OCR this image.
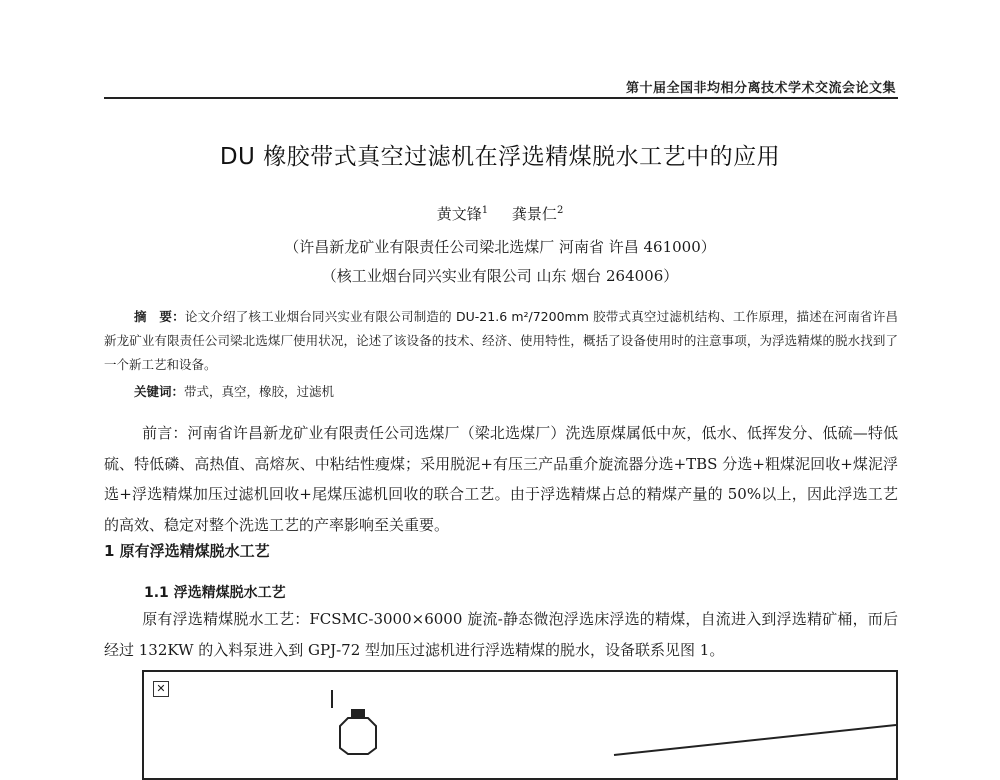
第十届全国非均相分离技术学术交流会论文集
DU 橡胶带式真空过滤机在浮选精煤脱水工艺中的应用
黄文锋$^1$ 龚景仁$^2$
（许昌新龙矿业有限责任公司梁北选煤厂 河南省 许昌 461000）
（核工业烟台同兴实业有限公司 山东 烟台 264006）
摘　要：论文介绍了核工业烟台同兴实业有限公司制造的 DU-21.6 m²/7200mm 胶带式真空过滤机结构、工作原理，描述在河南省许昌新龙矿业有限责任公司梁北选煤厂使用状况，论述了该设备的技术、经济、使用特性，概括了设备使用时的注意事项，为浮选精煤的脱水找到了一个新工艺和设备。
关键词：带式，真空，橡胶，过滤机
前言：河南省许昌新龙矿业有限责任公司选煤厂（梁北选煤厂）洗选原煤属低中灰，低水、低挥发分、低硫—特低硫、特低磷、高热值、高熔灰、中粘结性瘦煤；采用脱泥+有压三产品重介旋流器分选+TBS 分选+粗煤泥回收+煤泥浮选+浮选精煤加压过滤机回收+尾煤压滤机回收的联合工艺。由于浮选精煤占总的精煤产量的 50%以上，因此浮选工艺的高效、稳定对整个洗选工艺的产率影响至关重要。
1 原有浮选精煤脱水工艺
1.1 浮选精煤脱水工艺
原有浮选精煤脱水工艺：FCSMC-3000×6000 旋流-静态微泡浮选床浮选的精煤，自流进入到浮选精矿桶，而后经过 132KW 的入料泵进入到 GPJ-72 型加压过滤机进行浮选精煤的脱水，设备联系见图 1。
✕
